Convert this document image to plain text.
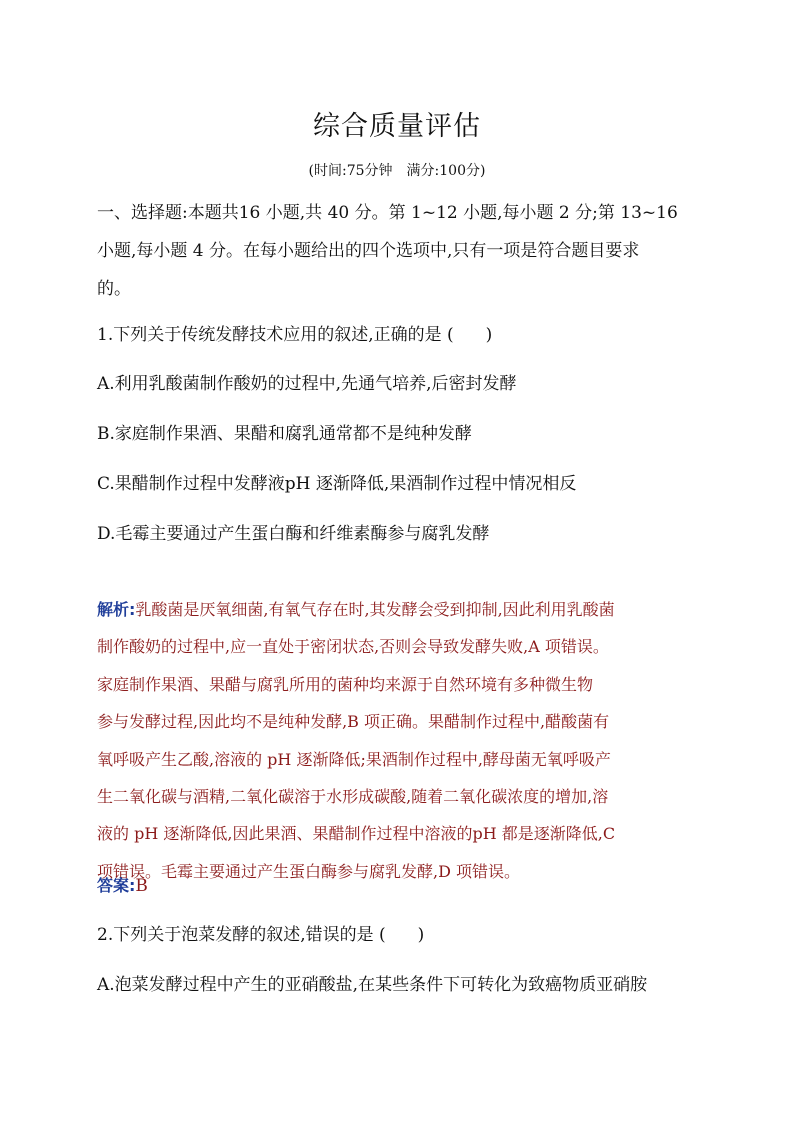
综合质量评估
(时间:75分钟 满分:100分)
一、选择题:本题共16 小题,共 40 分。第 1~12 小题,每小题 2 分;第 13~16
小题,每小题 4 分。在每小题给出的四个选项中,只有一项是符合题目要求
的。
1.下列关于传统发酵技术应用的叙述,正确的是 ( )
A.利用乳酸菌制作酸奶的过程中,先通气培养,后密封发酵
B.家庭制作果酒、果醋和腐乳通常都不是纯种发酵
C.果醋制作过程中发酵液pH 逐渐降低,果酒制作过程中情况相反
D.毛霉主要通过产生蛋白酶和纤维素酶参与腐乳发酵
解析:乳酸菌是厌氧细菌,有氧气存在时,其发酵会受到抑制,因此利用乳酸菌
制作酸奶的过程中,应一直处于密闭状态,否则会导致发酵失败,A 项错误。
家庭制作果酒、果醋与腐乳所用的菌种均来源于自然环境有多种微生物
参与发酵过程,因此均不是纯种发酵,B 项正确。果醋制作过程中,醋酸菌有
氧呼吸产生乙酸,溶液的 pH 逐渐降低;果酒制作过程中,酵母菌无氧呼吸产
生二氧化碳与酒精,二氧化碳溶于水形成碳酸,随着二氧化碳浓度的增加,溶
液的 pH 逐渐降低,因此果酒、果醋制作过程中溶液的pH 都是逐渐降低,C
项错误。毛霉主要通过产生蛋白酶参与腐乳发酵,D 项错误。
答案:B
2.下列关于泡菜发酵的叙述,错误的是 ( )
A.泡菜发酵过程中产生的亚硝酸盐,在某些条件下可转化为致癌物质亚硝胺
